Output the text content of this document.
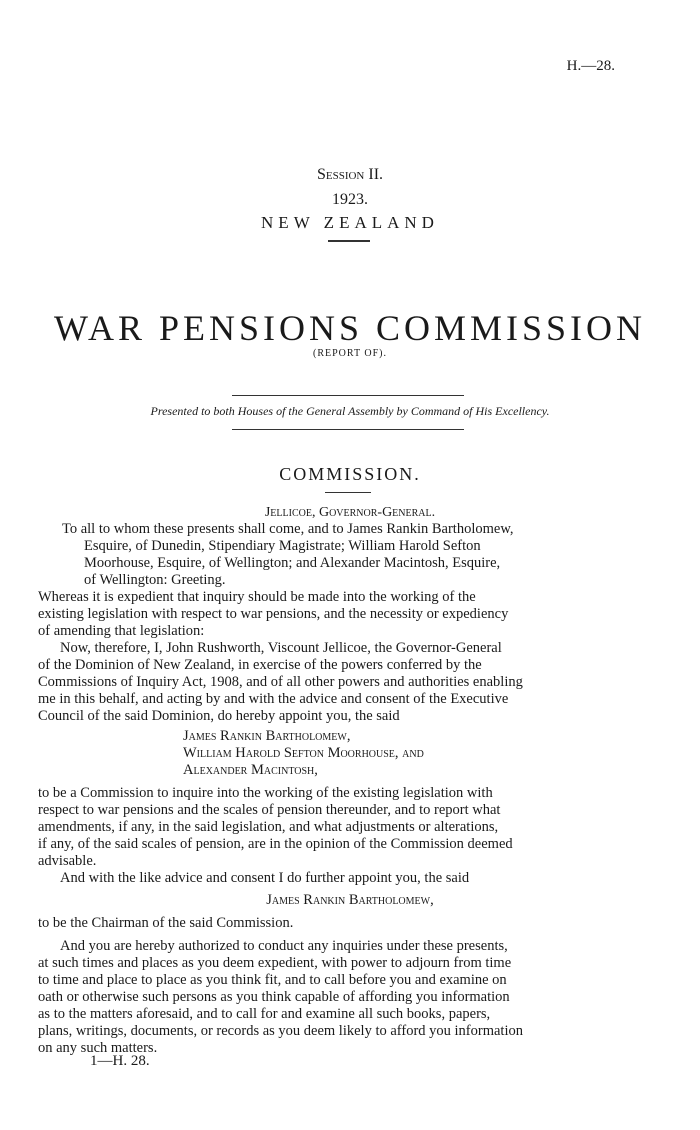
H.—28.
Session II.
1923.
NEW ZEALAND
WAR PENSIONS COMMISSION
(REPORT OF).
Presented to both Houses of the General Assembly by Command of His Excellency.
COMMISSION.
Jellicoe, Governor-General.
To all to whom these presents shall come, and to James Rankin Bartholomew,
Esquire, of Dunedin, Stipendiary Magistrate; William Harold Sefton
Moorhouse, Esquire, of Wellington; and Alexander Macintosh, Esquire,
of Wellington: Greeting.
Whereas it is expedient that inquiry should be made into the working of the
existing legislation with respect to war pensions, and the necessity or expediency
of amending that legislation:
Now, therefore, I, John Rushworth, Viscount Jellicoe, the Governor-General
of the Dominion of New Zealand, in exercise of the powers conferred by the
Commissions of Inquiry Act, 1908, and of all other powers and authorities enabling
me in this behalf, and acting by and with the advice and consent of the Executive
Council of the said Dominion, do hereby appoint you, the said
James Rankin Bartholomew,
William Harold Sefton Moorhouse, and
Alexander Macintosh,
to be a Commission to inquire into the working of the existing legislation with
respect to war pensions and the scales of pension thereunder, and to report what
amendments, if any, in the said legislation, and what adjustments or alterations,
if any, of the said scales of pension, are in the opinion of the Commission deemed
advisable.
And with the like advice and consent I do further appoint you, the said
James Rankin Bartholomew,
to be the Chairman of the said Commission.
And you are hereby authorized to conduct any inquiries under these presents,
at such times and places as you deem expedient, with power to adjourn from time
to time and place to place as you think fit, and to call before you and examine on
oath or otherwise such persons as you think capable of affording you information
as to the matters aforesaid, and to call for and examine all such books, papers,
plans, writings, documents, or records as you deem likely to afford you information
on any such matters.
1—H. 28.
